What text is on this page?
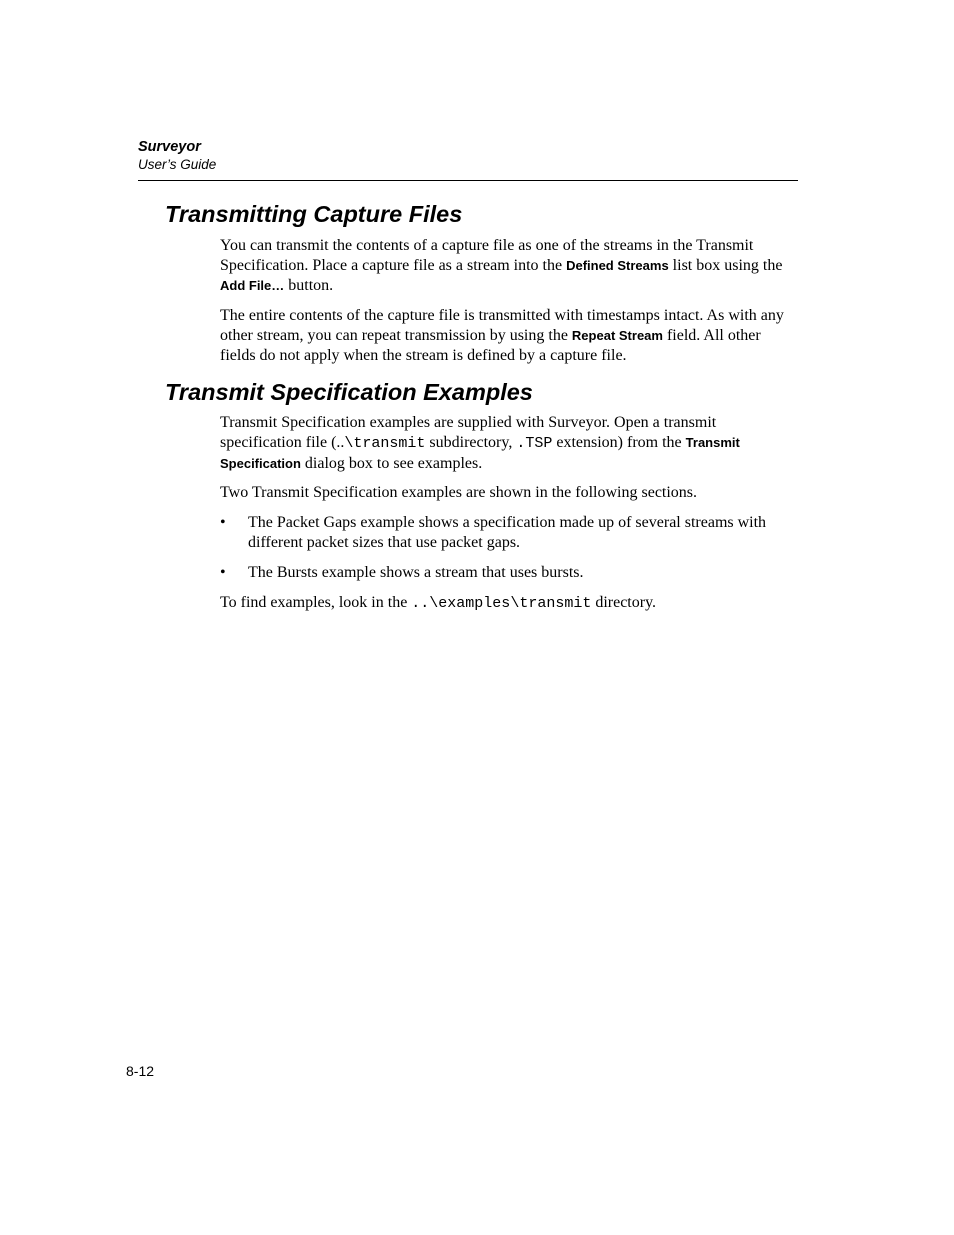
Surveyor
User’s Guide
Transmitting Capture Files

You can transmit the contents of a capture file as one of the streams in the Transmit Specification. Place a capture file as a stream into the Defined Streams list box using the Add File… button.

The entire contents of the capture file is transmitted with timestamps intact. As with any other stream, you can repeat transmission by using the Repeat Stream field. All other fields do not apply when the stream is defined by a capture file.

Transmit Specification Examples

Transmit Specification examples are supplied with Surveyor. Open a transmit specification file (..\transmit subdirectory, .TSP extension) from the Transmit Specification dialog box to see examples.

Two Transmit Specification examples are shown in the following sections.

•	The Packet Gaps example shows a specification made up of several streams with different packet sizes that use packet gaps.
•	The Bursts example shows a stream that uses bursts.

To find examples, look in the ..\examples\transmit directory.

8-12
